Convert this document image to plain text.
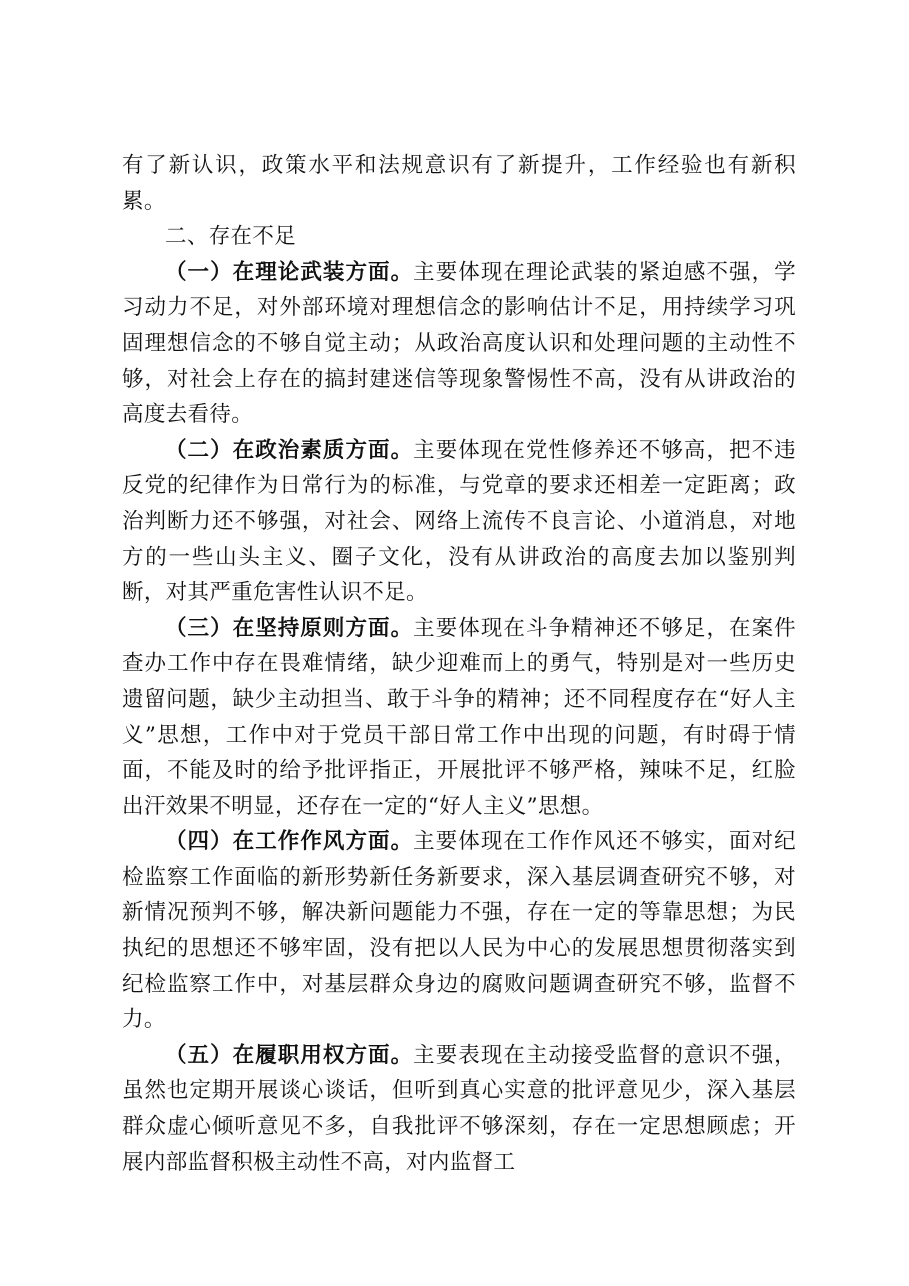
有了新认识，政策水平和法规意识有了新提升，工作经验也有新积累。

二、存在不足

（一）在理论武装方面。主要体现在理论武装的紧迫感不强，学习动力不足，对外部环境对理想信念的影响估计不足，用持续学习巩固理想信念的不够自觉主动；从政治高度认识和处理问题的主动性不够，对社会上存在的搞封建迷信等现象警惕性不高，没有从讲政治的高度去看待。

（二）在政治素质方面。主要体现在党性修养还不够高，把不违反党的纪律作为日常行为的标准，与党章的要求还相差一定距离；政治判断力还不够强，对社会、网络上流传不良言论、小道消息，对地方的一些山头主义、圈子文化，没有从讲政治的高度去加以鉴别判断，对其严重危害性认识不足。

（三）在坚持原则方面。主要体现在斗争精神还不够足，在案件查办工作中存在畏难情绪，缺少迎难而上的勇气，特别是对一些历史遗留问题，缺少主动担当、敢于斗争的精神；还不同程度存在“好人主义”思想，工作中对于党员干部日常工作中出现的问题，有时碍于情面，不能及时的给予批评指正，开展批评不够严格，辣味不足，红脸出汗效果不明显，还存在一定的“好人主义”思想。

（四）在工作作风方面。主要体现在工作作风还不够实，面对纪检监察工作面临的新形势新任务新要求，深入基层调查研究不够，对新情况预判不够，解决新问题能力不强，存在一定的等靠思想；为民执纪的思想还不够牢固，没有把以人民为中心的发展思想贯彻落实到纪检监察工作中，对基层群众身边的腐败问题调查研究不够，监督不力。

（五）在履职用权方面。主要表现在主动接受监督的意识不强，虽然也定期开展谈心谈话，但听到真心实意的批评意见少，深入基层群众虚心倾听意见不多，自我批评不够深刻，存在一定思想顾虑；开展内部监督积极主动性不高，对内监督工
